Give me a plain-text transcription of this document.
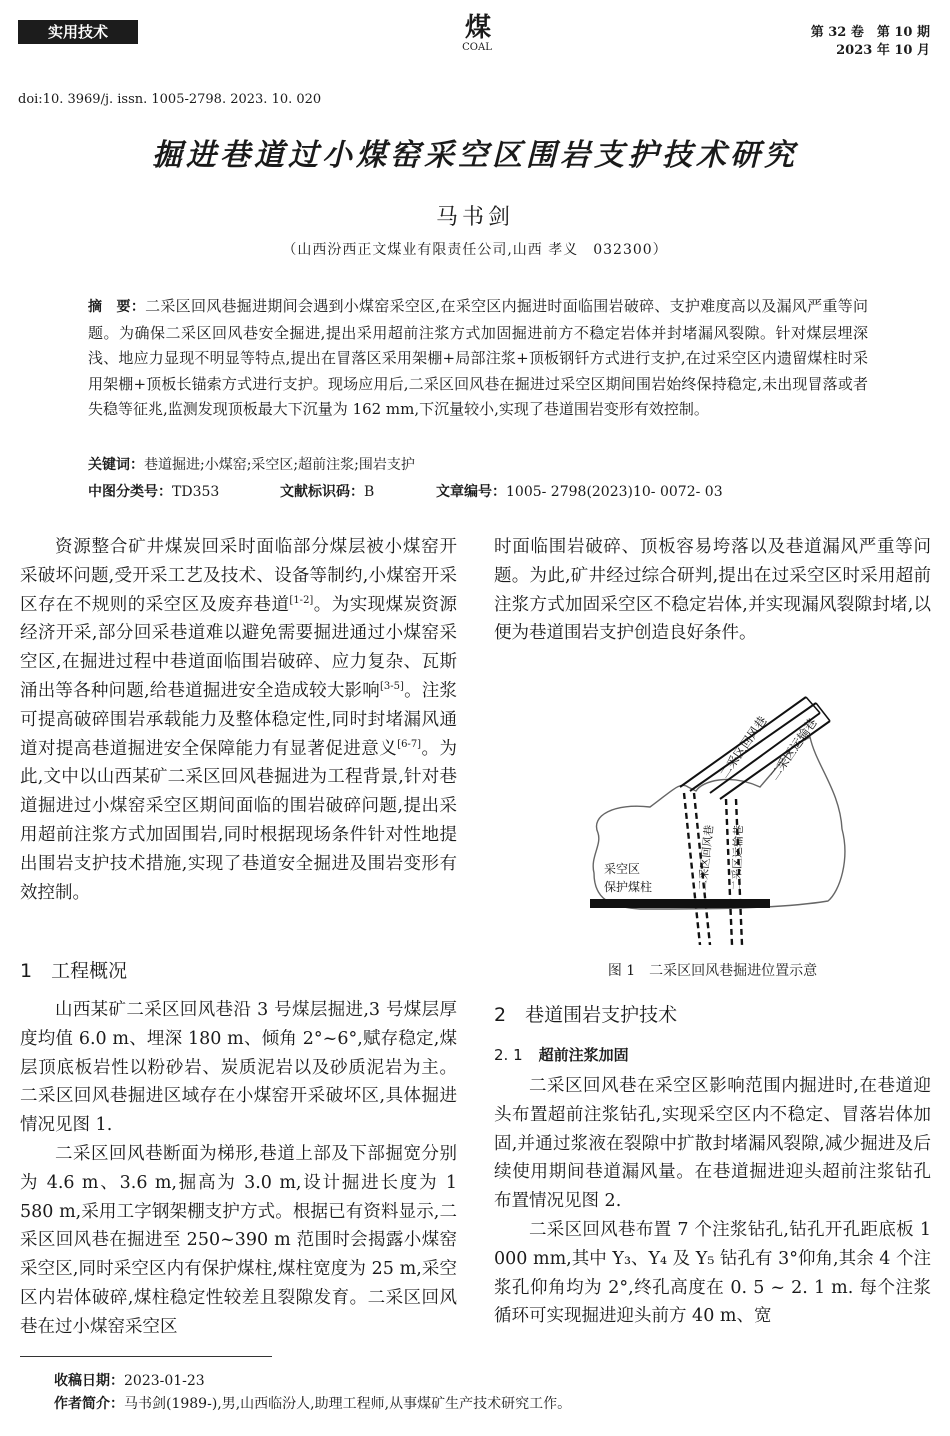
实用技术	煤
COAL
第 32 卷　第 10 期
2023 年 10 月
doi:10. 3969/j. issn. 1005-2798. 2023. 10. 020
掘进巷道过小煤窑采空区围岩支护技术研究
马书剑
（山西汾西正文煤业有限责任公司,山西 孝义　032300）
摘　要：二采区回风巷掘进期间会遇到小煤窑采空区,在采空区内掘进时面临围岩破碎、支护难度高以及漏风严重等问题。为确保二采区回风巷安全掘进,提出采用超前注浆方式加固掘进前方不稳定岩体并封堵漏风裂隙。针对煤层埋深浅、地应力显现不明显等特点,提出在冒落区采用架棚+局部注浆+顶板钢钎方式进行支护,在过采空区内遗留煤柱时采用架棚+顶板长锚索方式进行支护。现场应用后,二采区回风巷在掘进过采空区期间围岩始终保持稳定,未出现冒落或者失稳等征兆,监测发现顶板最大下沉量为 162 mm,下沉量较小,实现了巷道围岩变形有效控制。
关键词：巷道掘进;小煤窑;采空区;超前注浆;围岩支护
中图分类号：TD353	文献标识码：B	文章编号：1005- 2798(2023)10- 0072- 03

资源整合矿井煤炭回采时面临部分煤层被小煤窑开采破坏问题,受开采工艺及技术、设备等制约,小煤窑开采区存在不规则的采空区及废弃巷道[1-2]。为实现煤炭资源经济开采,部分回采巷道难以避免需要掘进通过小煤窑采空区,在掘进过程中巷道面临围岩破碎、应力复杂、瓦斯涌出等各种问题,给巷道掘进安全造成较大影响[3-5]。注浆可提高破碎围岩承载能力及整体稳定性,同时封堵漏风通道对提高巷道掘进安全保障能力有显著促进意义[6-7]。为此,文中以山西某矿二采区回风巷掘进为工程背景,针对巷道掘进过小煤窑采空区期间面临的围岩破碎问题,提出采用超前注浆方式加固围岩,同时根据现场条件针对性地提出围岩支护技术措施,实现了巷道安全掘进及围岩变形有效控制。

1　工程概况

山西某矿二采区回风巷沿 3 号煤层掘进,3 号煤层厚度均值 6.0 m、埋深 180 m、倾角 2°~6°,赋存稳定,煤层顶底板岩性以粉砂岩、炭质泥岩以及砂质泥岩为主。二采区回风巷掘进区域存在小煤窑开采破坏区,具体掘进情况见图 1.

二采区回风巷断面为梯形,巷道上部及下部掘宽分别为 4.6 m、3.6 m,掘高为 3.0 m,设计掘进长度为 1 580 m,采用工字钢架棚支护方式。根据已有资料显示,二采区回风巷在掘进至 250~390 m 范围时会揭露小煤窑采空区,同时采空区内有保护煤柱,煤柱宽度为 25 m,采空区内岩体破碎,煤柱稳定性较差且裂隙发育。二采区回风巷在过小煤窑采空区

时面临围岩破碎、顶板容易垮落以及巷道漏风严重等问题。为此,矿井经过综合研判,提出在过采空区时采用超前注浆方式加固采空区不稳定岩体,并实现漏风裂隙封堵,以便为巷道围岩支护创造良好条件。

二采区回风巷
二采区运输巷
二采区回风巷 二采区运输巷
采空区
保护煤柱
图 1　二采区回风巷掘进位置示意
2　巷道围岩支护技术
2. 1 超前注浆加固

二采区回风巷在采空区影响范围内掘进时,在巷道迎头布置超前注浆钻孔,实现采空区内不稳定、冒落岩体加固,并通过浆液在裂隙中扩散封堵漏风裂隙,减少掘进及后续使用期间巷道漏风量。在巷道掘进迎头超前注浆钻孔布置情况见图 2.

二采区回风巷布置 7 个注浆钻孔,钻孔开孔距底板 1 000 mm,其中 Y₃、Y₄ 及 Y₅ 钻孔有 3°仰角,其余 4 个注浆孔仰角均为 2°,终孔高度在 0. 5 ~ 2. 1 m. 每个注浆循环可实现掘进迎头前方 40 m、宽

收稿日期：2023-01-23
作者简介：马书剑(1989-),男,山西临汾人,助理工程师,从事煤矿生产技术研究工作。
